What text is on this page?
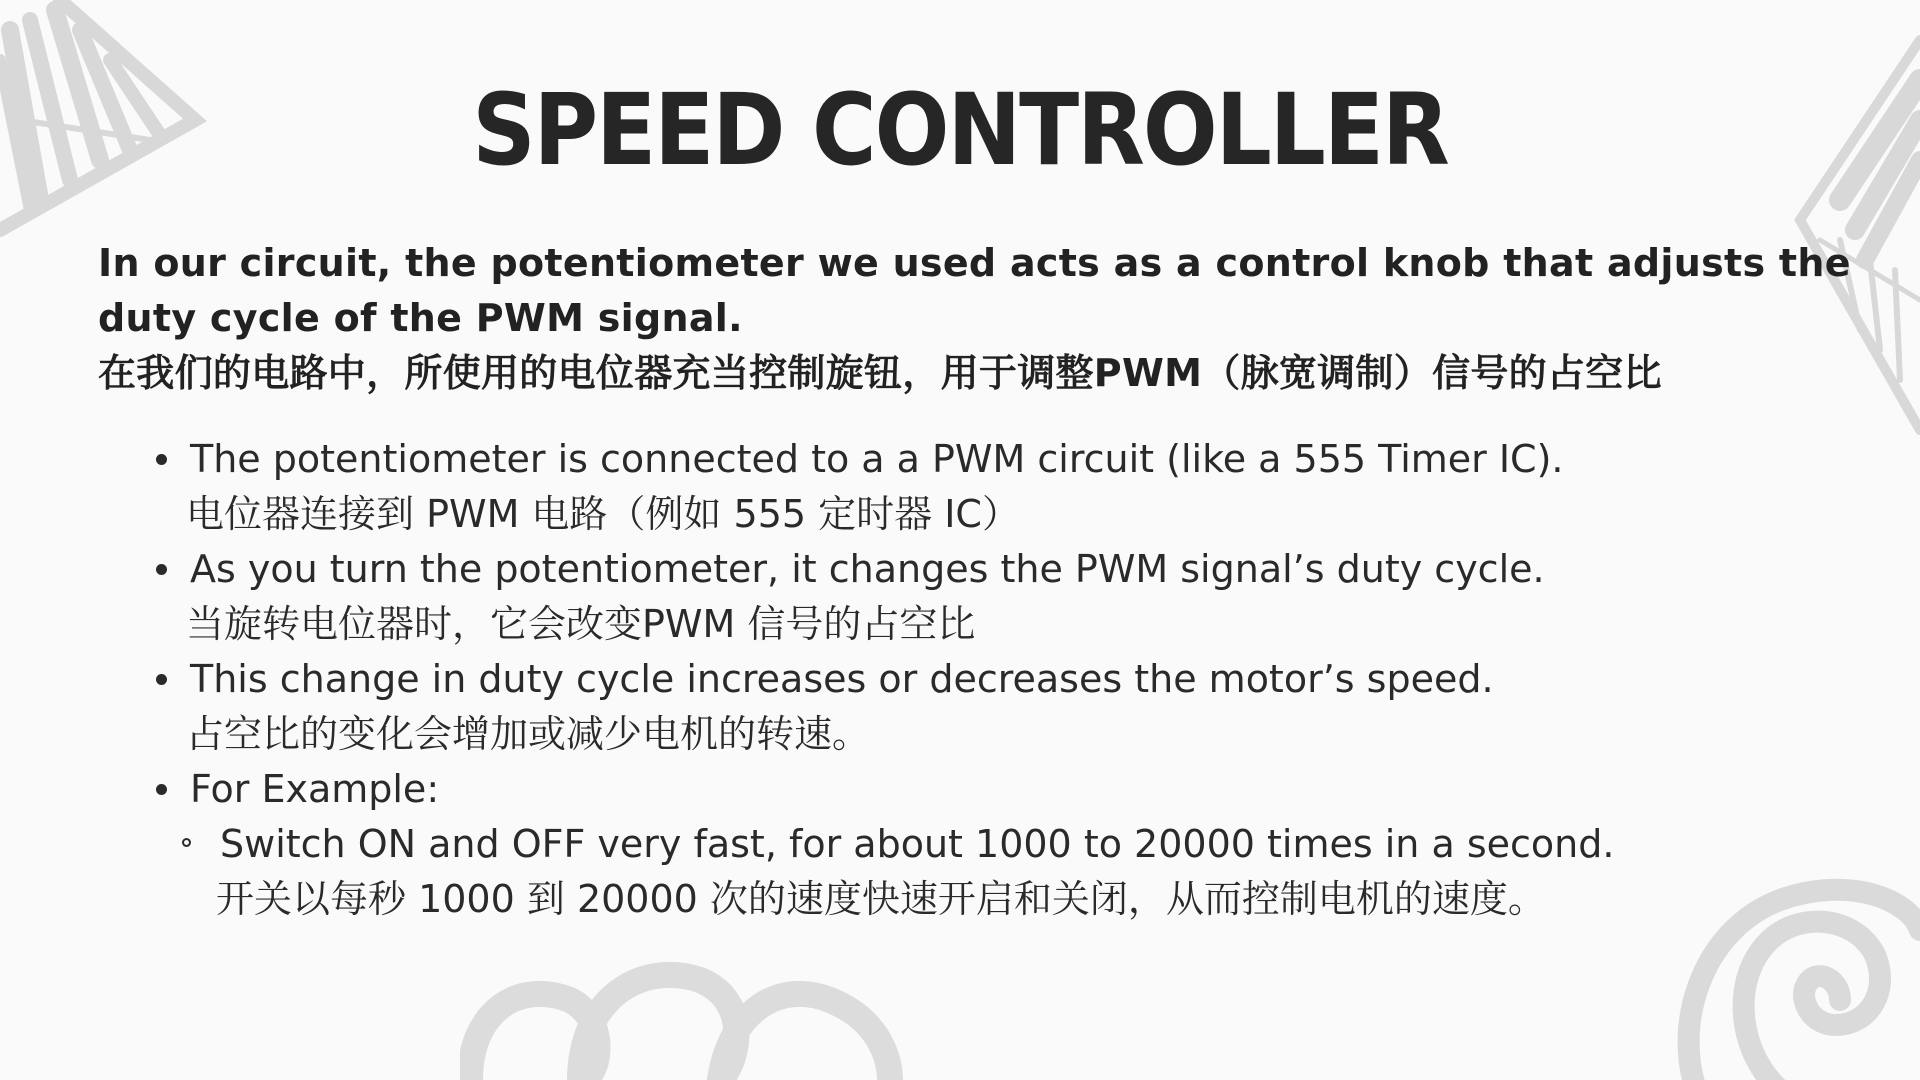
SPEED CONTROLLER
In our circuit, the potentiometer we used acts as a control knob that adjusts the
duty cycle of the PWM signal.
在我们的电路中，所使用的电位器充当控制旋钮，用于调整PWM（脉宽调制）信号的占空比
The potentiometer is connected to a a PWM circuit (like a 555 Timer IC).
电位器连接到 PWM 电路（例如 555 定时器 IC）
As you turn the potentiometer, it changes the PWM signal’s duty cycle.
当旋转电位器时，它会改变PWM 信号的占空比
This change in duty cycle increases or decreases the motor’s speed.
占空比的变化会增加或减少电机的转速。
For Example:
Switch ON and OFF very fast, for about 1000 to 20000 times in a second.
开关以每秒 1000 到 20000 次的速度快速开启和关闭，从而控制电机的速度。
